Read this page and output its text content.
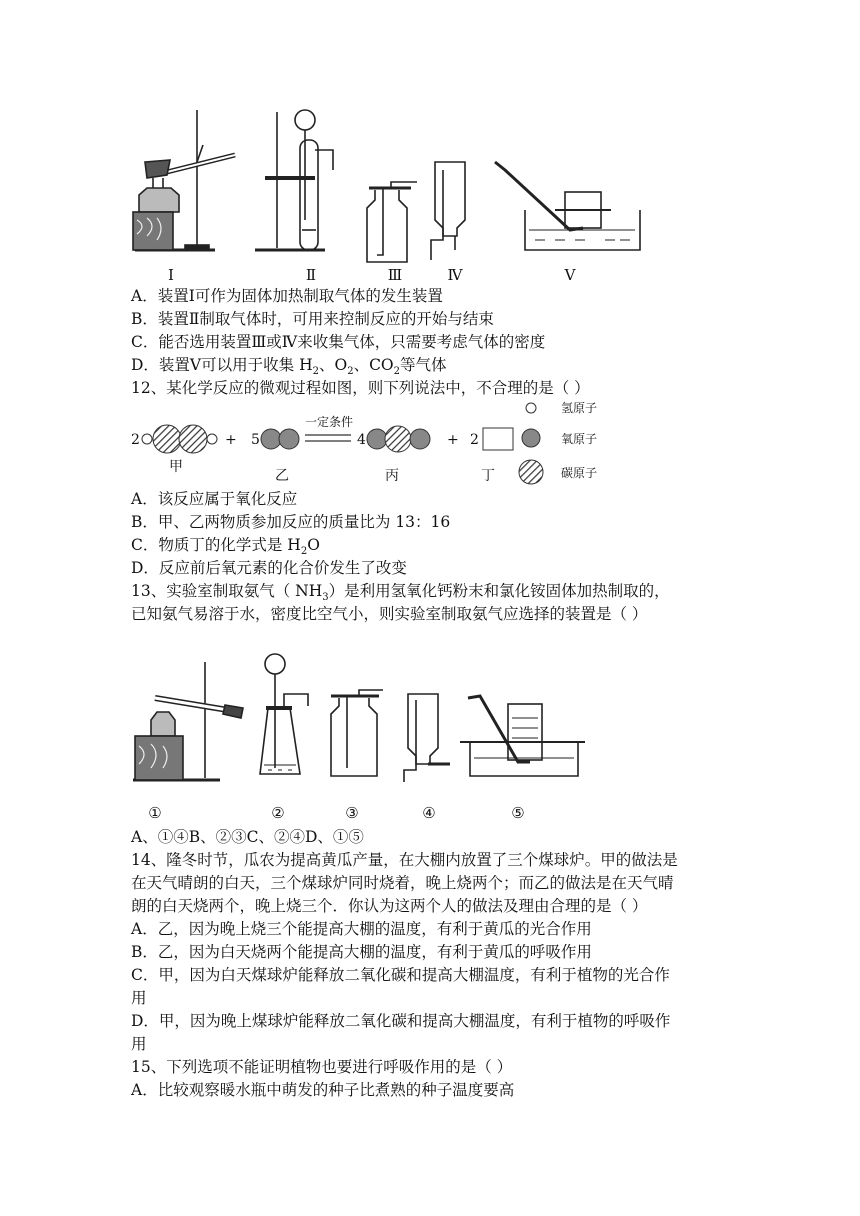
Ⅰ	Ⅱ	Ⅲ	Ⅳ	Ⅴ
A．装置Ⅰ可作为固体加热制取气体的发生装置
B．装置Ⅱ制取气体时，可用来控制反应的开始与结束
C．能否选用装置Ⅲ或Ⅳ来收集气体，只需要考虑气体的密度
D．装置Ⅴ可以用于收集 $H_2$、$O_2$、$CO_2$等气体
12、某化学反应的微观过程如图，则下列说法中，不合理的是（ ）
2	5	4	2
+	+
甲
乙	丙	丁
一定条件
氢原子
氧原子
碳原子
A．该反应属于氧化反应
B．甲、乙两物质参加反应的质量比为 13：16
C．物质丁的化学式是 $H_2O$
D．反应前后氧元素的化合价发生了改变
13、实验室制取氨气（ $NH_3$）是利用氢氧化钙粉末和氯化铵固体加热制取的，
已知氨气易溶于水，密度比空气小，则实验室制取氨气应选择的装置是（ ）
①	②	③	④	⑤
A、①④B、②③C、②④D、①⑤
14、隆冬时节，瓜农为提高黄瓜产量，在大棚内放置了三个煤球炉。甲的做法是
在天气晴朗的白天，三个煤球炉同时烧着，晚上烧两个；而乙的做法是在天气晴
朗的白天烧两个，晚上烧三个．你认为这两个人的做法及理由合理的是（ ）
A．乙，因为晚上烧三个能提高大棚的温度，有利于黄瓜的光合作用
B．乙，因为白天烧两个能提高大棚的温度，有利于黄瓜的呼吸作用
C．甲，因为白天煤球炉能释放二氧化碳和提高大棚温度，有利于植物的光合作
用
D．甲，因为晚上煤球炉能释放二氧化碳和提高大棚温度，有利于植物的呼吸作
用
15、下列选项不能证明植物也要进行呼吸作用的是（ ）
A．比较观察暖水瓶中萌发的种子比煮熟的种子温度要高
